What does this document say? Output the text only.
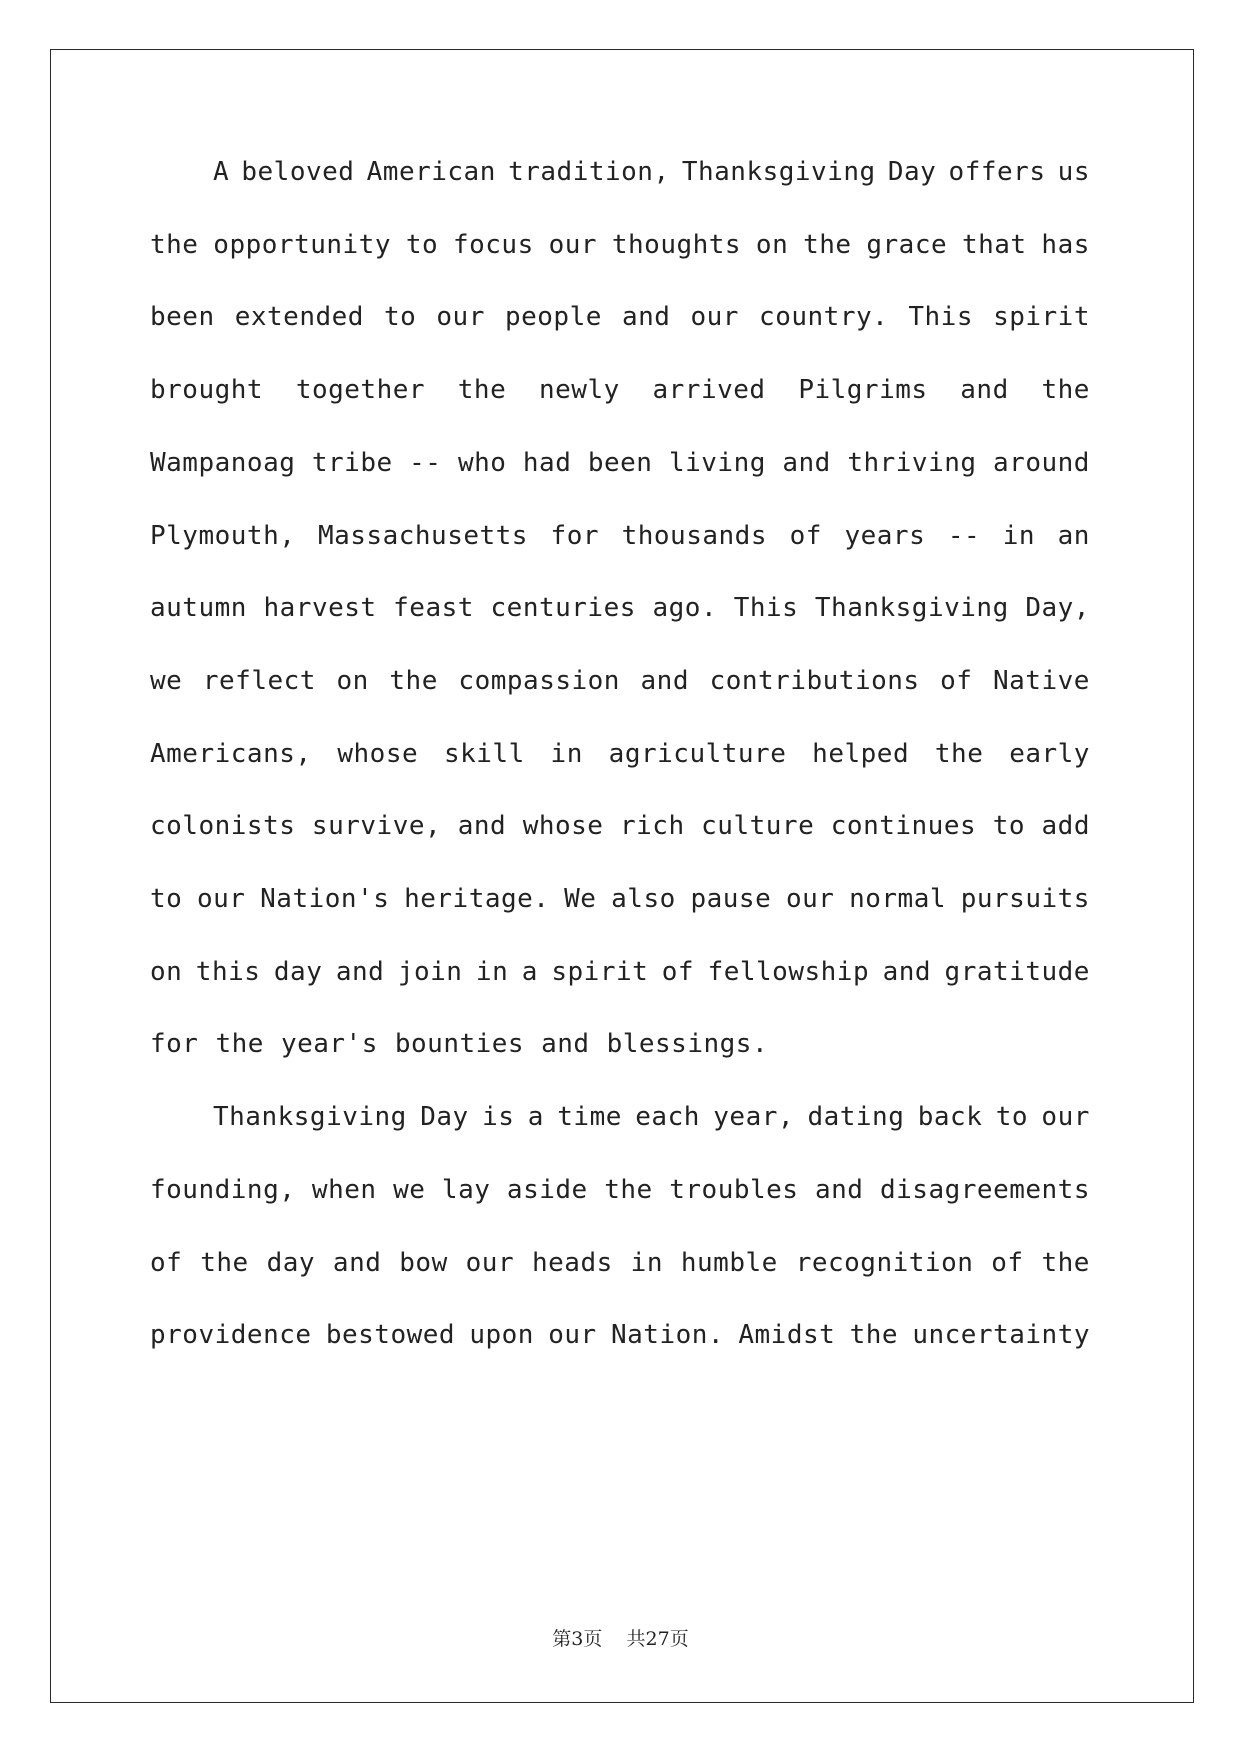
A beloved American tradition, Thanksgiving Day offers us
the opportunity to focus our thoughts on the grace that has
been extended to our people and our country. This spirit
brought together the newly arrived Pilgrims and the
Wampanoag tribe -- who had been living and thriving around
Plymouth, Massachusetts for thousands of years -- in an
autumn harvest feast centuries ago. This Thanksgiving Day,
we reflect on the compassion and contributions of Native
Americans, whose skill in agriculture helped the early
colonists survive, and whose rich culture continues to add
to our Nation's heritage. We also pause our normal pursuits
on this day and join in a spirit of fellowship and gratitude
for the year's bounties and blessings.
Thanksgiving Day is a time each year, dating back to our
founding, when we lay aside the troubles and disagreements
of the day and bow our heads in humble recognition of the
providence bestowed upon our Nation. Amidst the uncertainty
第3页 共27页
